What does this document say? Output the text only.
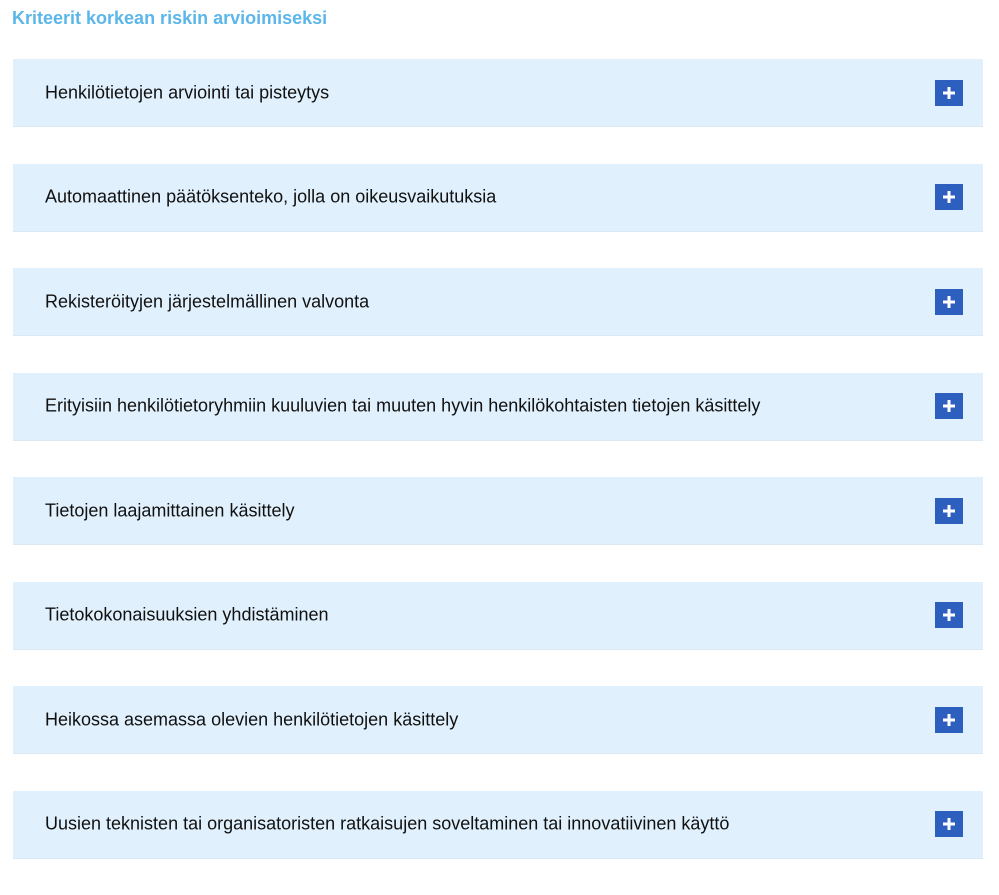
Kriteerit korkean riskin arvioimiseksi
Henkilötietojen arviointi tai pisteytys
Automaattinen päätöksenteko, jolla on oikeusvaikutuksia
Rekisteröityjen järjestelmällinen valvonta
Erityisiin henkilötietoryhmiin kuuluvien tai muuten hyvin henkilökohtaisten tietojen käsittely
Tietojen laajamittainen käsittely
Tietokokonaisuuksien yhdistäminen
Heikossa asemassa olevien henkilötietojen käsittely
Uusien teknisten tai organisatoristen ratkaisujen soveltaminen tai innovatiivinen käyttö
